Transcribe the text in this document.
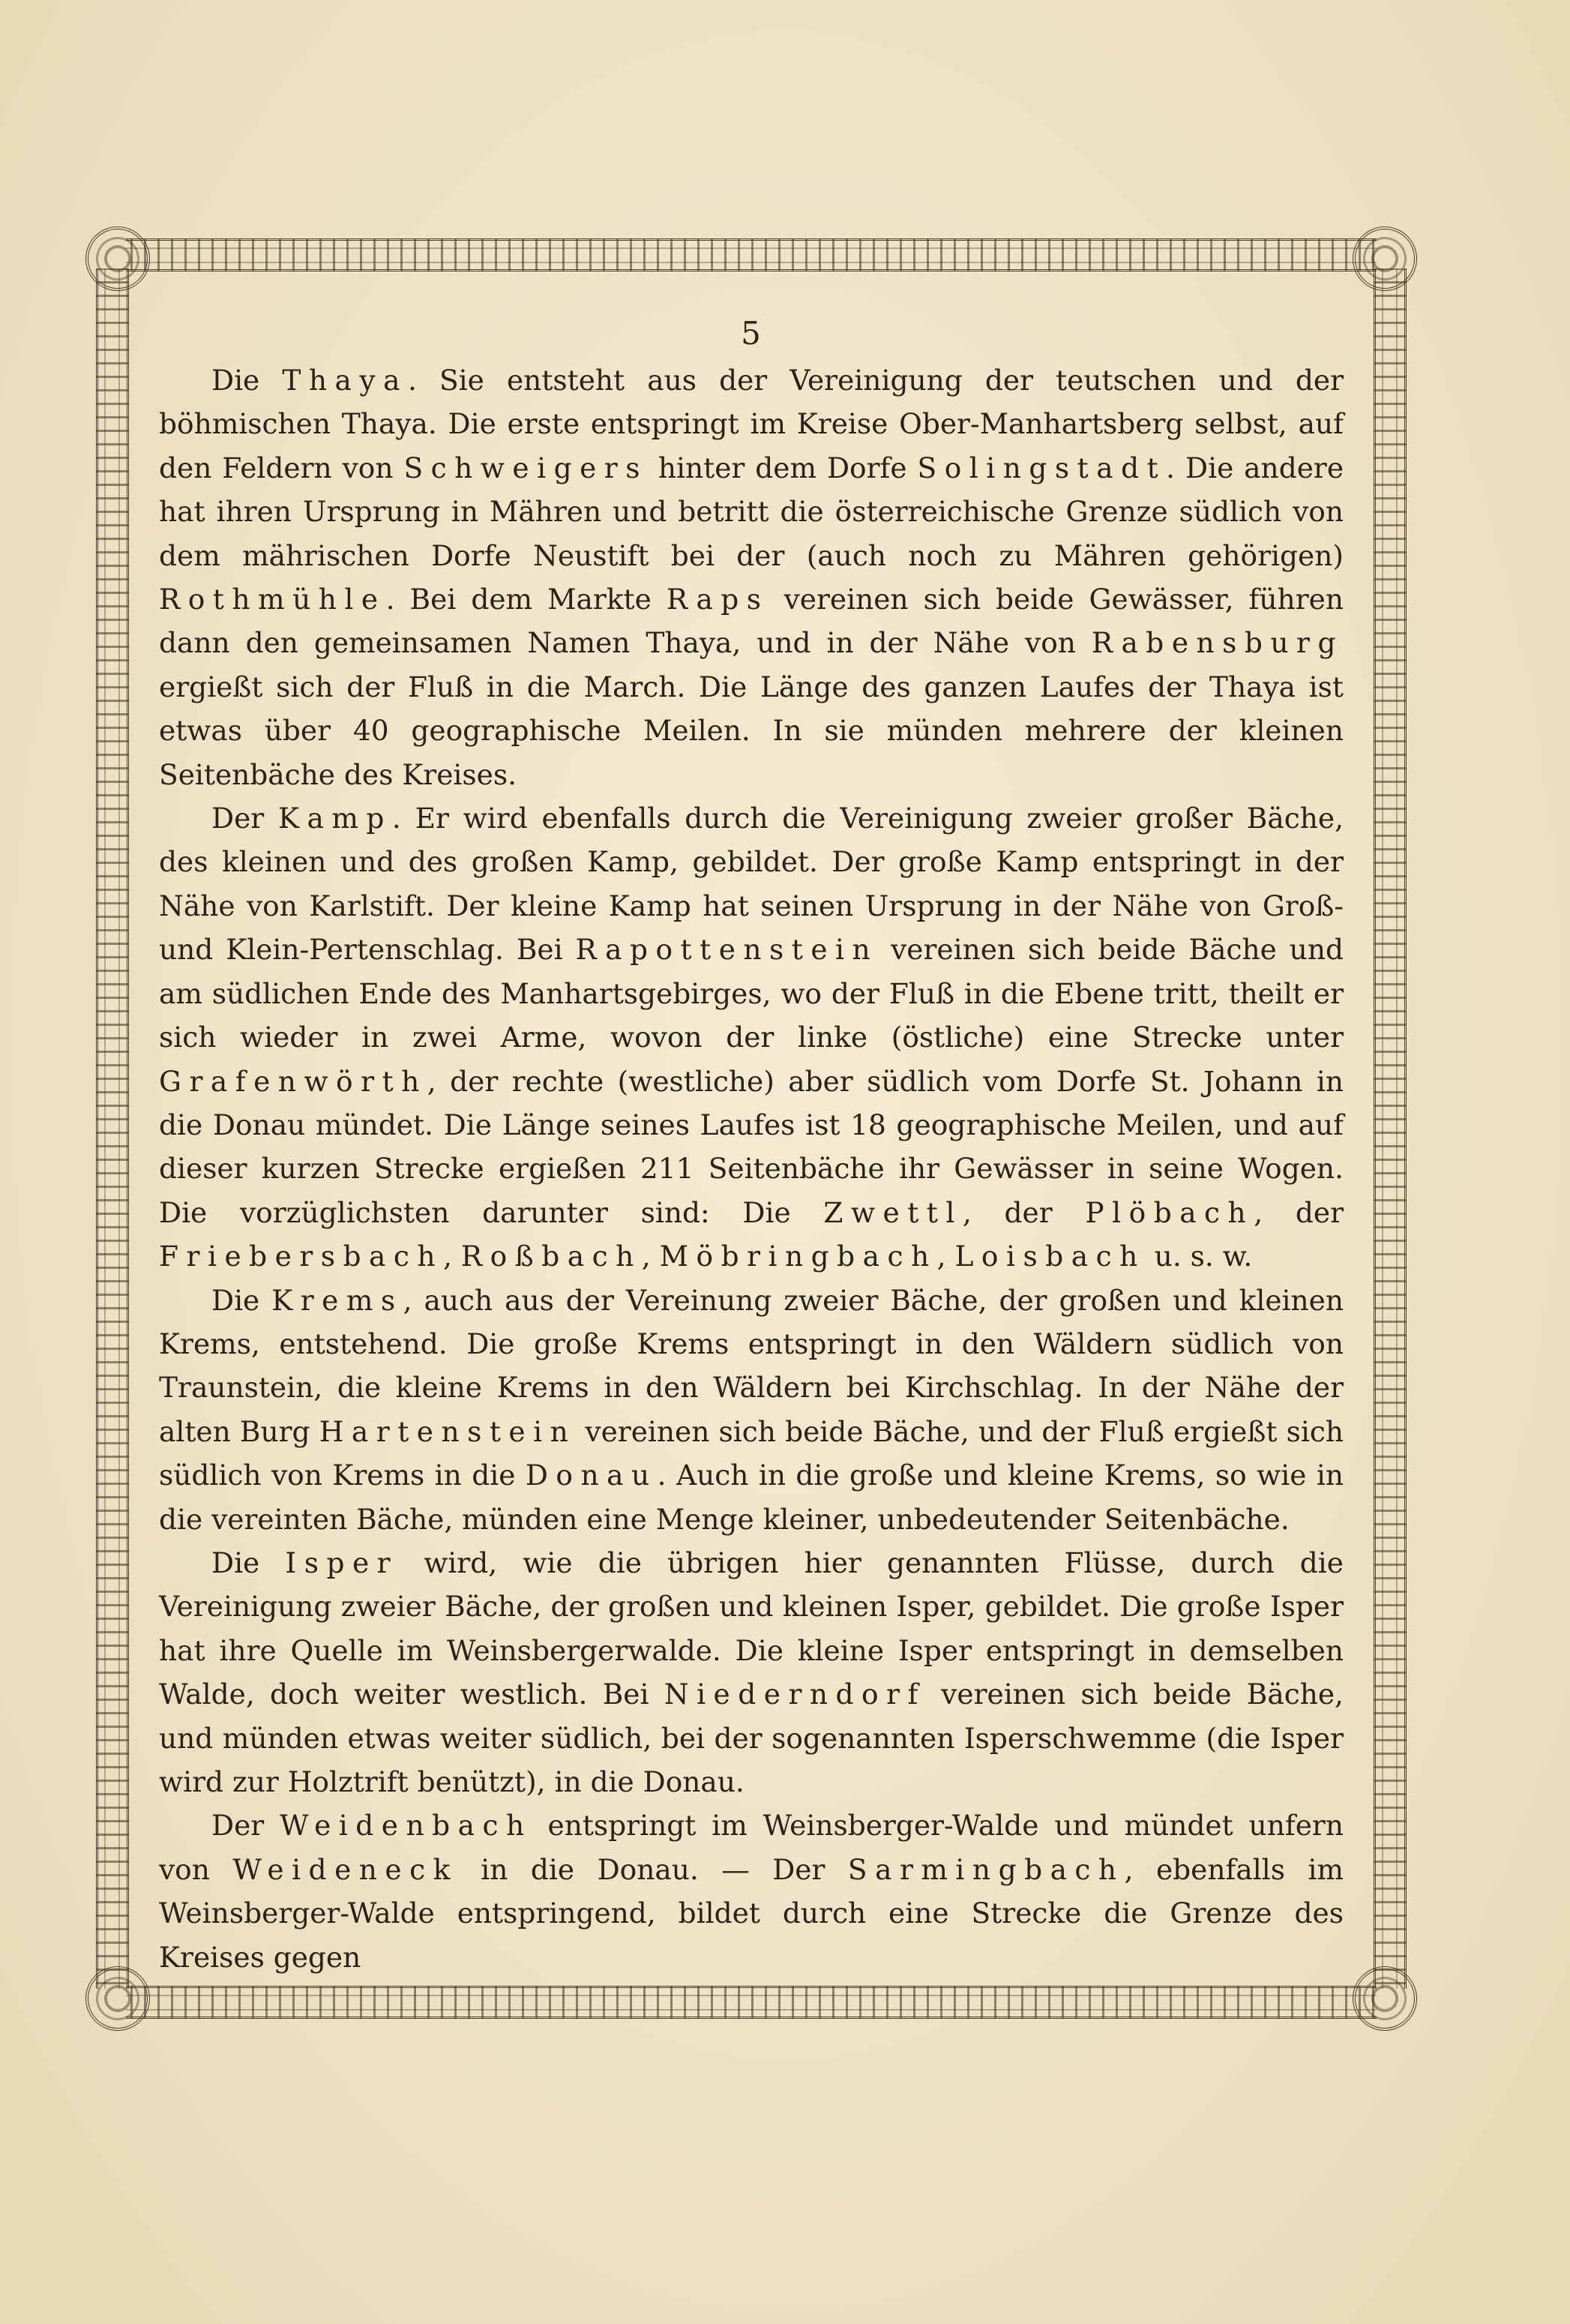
5

Die Thaya. Sie entsteht aus der Vereinigung der teutschen und der böhmischen Thaya. Die erste entspringt im Kreise Ober-Manhartsberg selbst, auf den Feldern von Schweigers hinter dem Dorfe Solingstadt. Die andere hat ihren Ursprung in Mähren und betritt die österreichische Grenze südlich von dem mährischen Dorfe Neustift bei der (auch noch zu Mähren gehörigen) Rothmühle. Bei dem Markte Raps vereinen sich beide Gewässer, führen dann den gemeinsamen Namen Thaya, und in der Nähe von Rabensburg ergießt sich der Fluß in die March. Die Länge des ganzen Laufes der Thaya ist etwas über 40 geographische Meilen. In sie münden mehrere der kleinen Seitenbäche des Kreises.

Der Kamp. Er wird ebenfalls durch die Vereinigung zweier großer Bäche, des kleinen und des großen Kamp, gebildet. Der große Kamp entspringt in der Nähe von Karlstift. Der kleine Kamp hat seinen Ursprung in der Nähe von Groß- und Klein-Pertenschlag. Bei Rapottenstein vereinen sich beide Bäche und am südlichen Ende des Manhartsgebirges, wo der Fluß in die Ebene tritt, theilt er sich wieder in zwei Arme, wovon der linke (östliche) eine Strecke unter Grafenwörth, der rechte (westliche) aber südlich vom Dorfe St. Johann in die Donau mündet. Die Länge seines Laufes ist 18 geographische Meilen, und auf dieser kurzen Strecke ergießen 211 Seitenbäche ihr Gewässer in seine Wogen. Die vorzüglichsten darunter sind: Die Zwettl, der Plöbach, der Friebersbach, Roßbach, Möbringbach, Loisbach u. s. w.

Die Krems, auch aus der Vereinung zweier Bäche, der großen und kleinen Krems, entstehend. Die große Krems entspringt in den Wäldern südlich von Traunstein, die kleine Krems in den Wäldern bei Kirchschlag. In der Nähe der alten Burg Hartenstein vereinen sich beide Bäche, und der Fluß ergießt sich südlich von Krems in die Donau. Auch in die große und kleine Krems, so wie in die vereinten Bäche, münden eine Menge kleiner, unbedeutender Seitenbäche.

Die Isper wird, wie die übrigen hier genannten Flüsse, durch die Vereinigung zweier Bäche, der großen und kleinen Isper, gebildet. Die große Isper hat ihre Quelle im Weinsbergerwalde. Die kleine Isper entspringt in demselben Walde, doch weiter westlich. Bei Niederndorf vereinen sich beide Bäche, und münden etwas weiter südlich, bei der sogenannten Isperschwemme (die Isper wird zur Holztrift benützt), in die Donau.

Der Weidenbach entspringt im Weinsberger-Walde und mündet unfern von Weideneck in die Donau. — Der Sarmingbach, ebenfalls im Weinsberger-Walde entspringend, bildet durch eine Strecke die Grenze des Kreises gegen
